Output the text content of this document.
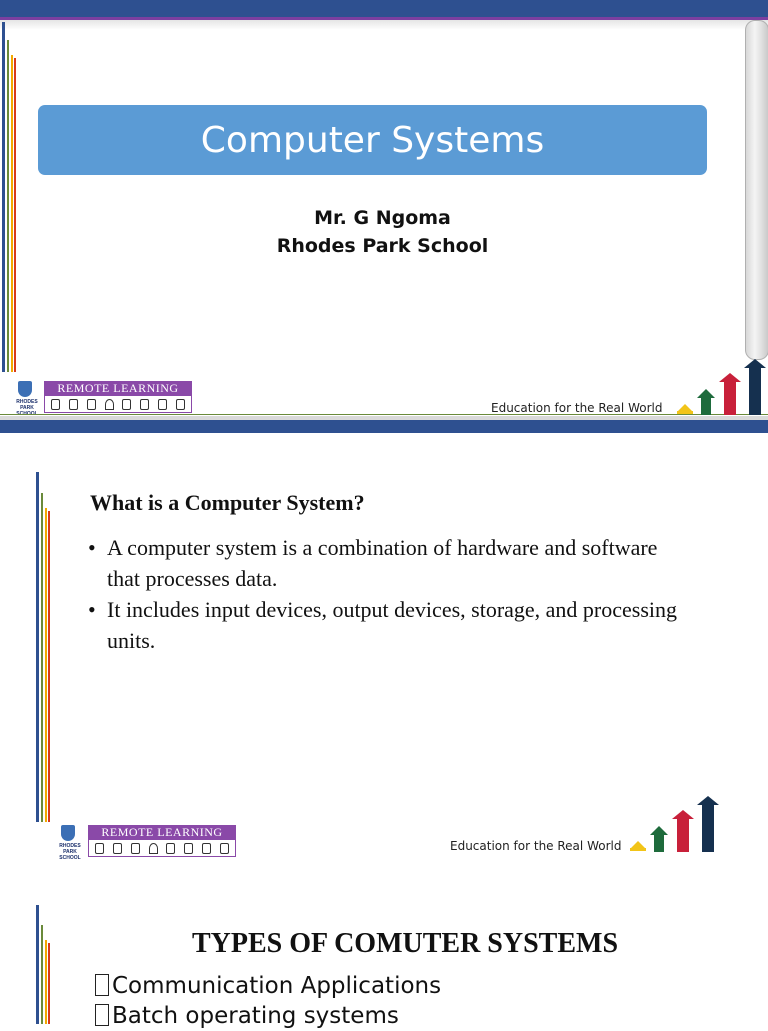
Computer Systems
Mr. G Ngoma
Rhodes Park School
RHODES PARK
REMOTE LEARNING
Education for the Real World
What is a Computer System?
• A computer system is a combination of hardware and software that processes data.
• It includes input devices, output devices, storage, and processing units.
RHODES PARK SCHOOL
REMOTE LEARNING
Education for the Real World
TYPES OF COMUTER SYSTEMS
Communication Applications
Batch operating systems
